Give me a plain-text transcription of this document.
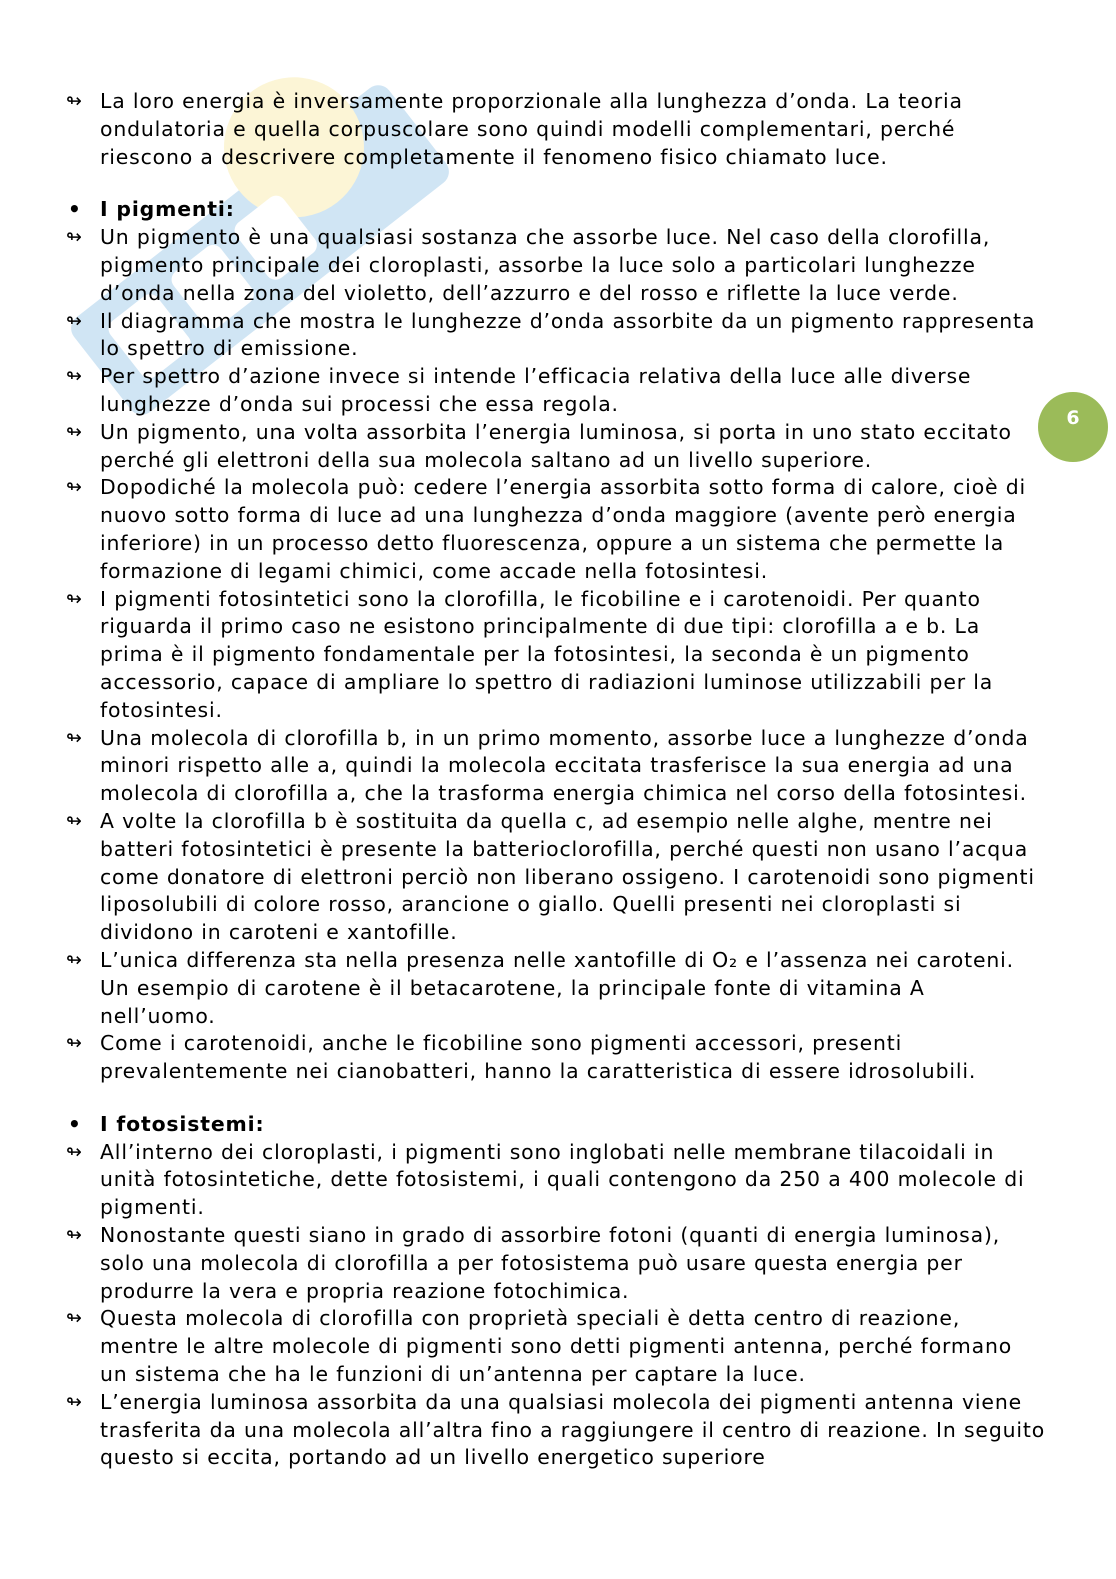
6
↬ La loro energia è inversamente proporzionale alla lunghezza d’onda. La teoria ondulatoria e quella corpuscolare sono quindi modelli complementari, perché riescono a descrivere completamente il fenomeno fisico chiamato luce.
• I pigmenti:
↬ Un pigmento è una qualsiasi sostanza che assorbe luce. Nel caso della clorofilla, pigmento principale dei cloroplasti, assorbe la luce solo a particolari lunghezze d’onda nella zona del violetto, dell’azzurro e del rosso e riflette la luce verde.
↬ Il diagramma che mostra le lunghezze d’onda assorbite da un pigmento rappresenta lo spettro di emissione.
↬ Per spettro d’azione invece si intende l’efficacia relativa della luce alle diverse lunghezze d’onda sui processi che essa regola.
↬ Un pigmento, una volta assorbita l’energia luminosa, si porta in uno stato eccitato perché gli elettroni della sua molecola saltano ad un livello superiore.
↬ Dopodiché la molecola può: cedere l’energia assorbita sotto forma di calore, cioè di nuovo sotto forma di luce ad una lunghezza d’onda maggiore (avente però energia inferiore) in un processo detto fluorescenza, oppure a un sistema che permette la formazione di legami chimici, come accade nella fotosintesi.
↬ I pigmenti fotosintetici sono la clorofilla, le ficobiline e i carotenoidi. Per quanto riguarda il primo caso ne esistono principalmente di due tipi: clorofilla a e b. La prima è il pigmento fondamentale per la fotosintesi, la seconda è un pigmento accessorio, capace di ampliare lo spettro di radiazioni luminose utilizzabili per la fotosintesi.
↬ Una molecola di clorofilla b, in un primo momento, assorbe luce a lunghezze d’onda minori rispetto alle a, quindi la molecola eccitata trasferisce la sua energia ad una molecola di clorofilla a, che la trasforma energia chimica nel corso della fotosintesi.
↬ A volte la clorofilla b è sostituita da quella c, ad esempio nelle alghe, mentre nei batteri fotosintetici è presente la batterioclorofilla, perché questi non usano l’acqua come donatore di elettroni perciò non liberano ossigeno. I carotenoidi sono pigmenti liposolubili di colore rosso, arancione o giallo. Quelli presenti nei cloroplasti si dividono in caroteni e xantofille.
↬ L’unica differenza sta nella presenza nelle xantofille di O₂ e l’assenza nei caroteni. Un esempio di carotene è il betacarotene, la principale fonte di vitamina A nell’uomo.
↬ Come i carotenoidi, anche le ficobiline sono pigmenti accessori, presenti prevalentemente nei cianobatteri, hanno la caratteristica di essere idrosolubili.
• I fotosistemi:
↬ All’interno dei cloroplasti, i pigmenti sono inglobati nelle membrane tilacoidali in unità fotosintetiche, dette fotosistemi, i quali contengono da 250 a 400 molecole di pigmenti.
↬ Nonostante questi siano in grado di assorbire fotoni (quanti di energia luminosa), solo una molecola di clorofilla a per fotosistema può usare questa energia per produrre la vera e propria reazione fotochimica.
↬ Questa molecola di clorofilla con proprietà speciali è detta centro di reazione, mentre le altre molecole di pigmenti sono detti pigmenti antenna, perché formano un sistema che ha le funzioni di un’antenna per captare la luce.
↬ L’energia luminosa assorbita da una qualsiasi molecola dei pigmenti antenna viene trasferita da una molecola all’altra fino a raggiungere il centro di reazione. In seguito questo si eccita, portando ad un livello energetico superiore
